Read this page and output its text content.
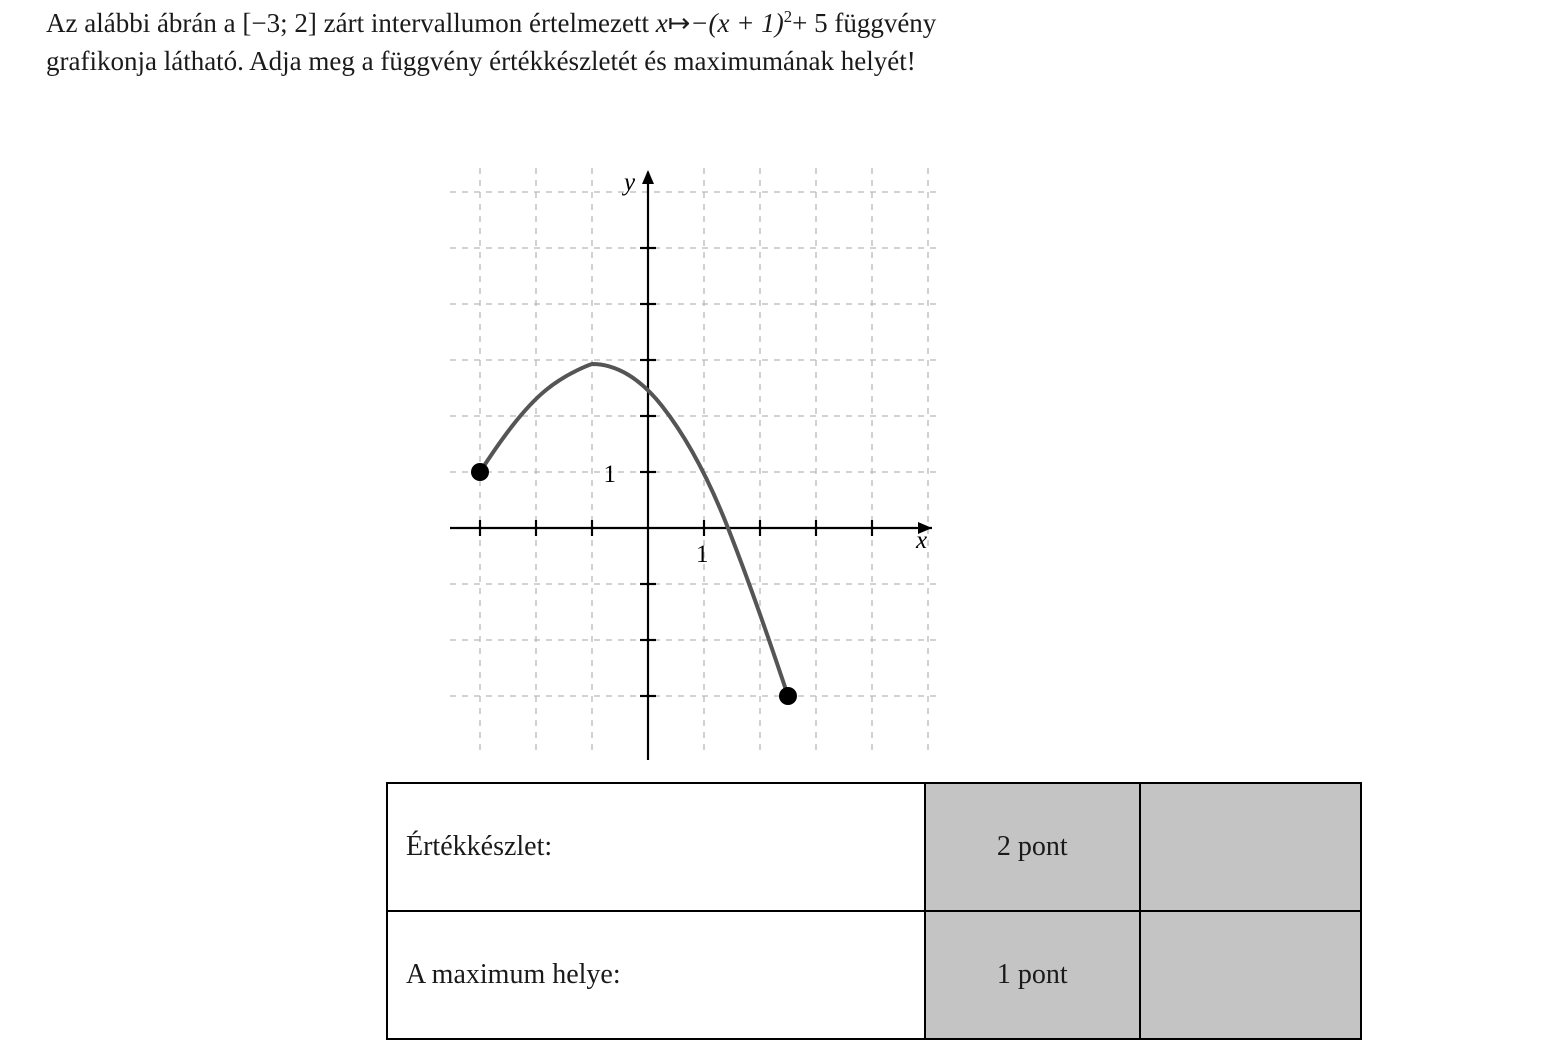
Az alábbi ábrán a [−3; 2] zárt intervallumon értelmezett x↦−(x + 1)$^2$+ 5 függvény
grafikonja látható. Adja meg a függvény értékkészletét és maximumának helyét!
x
y
1
1
Értékkészlet:	2 pont	
A maximum helye:	1 pont	
